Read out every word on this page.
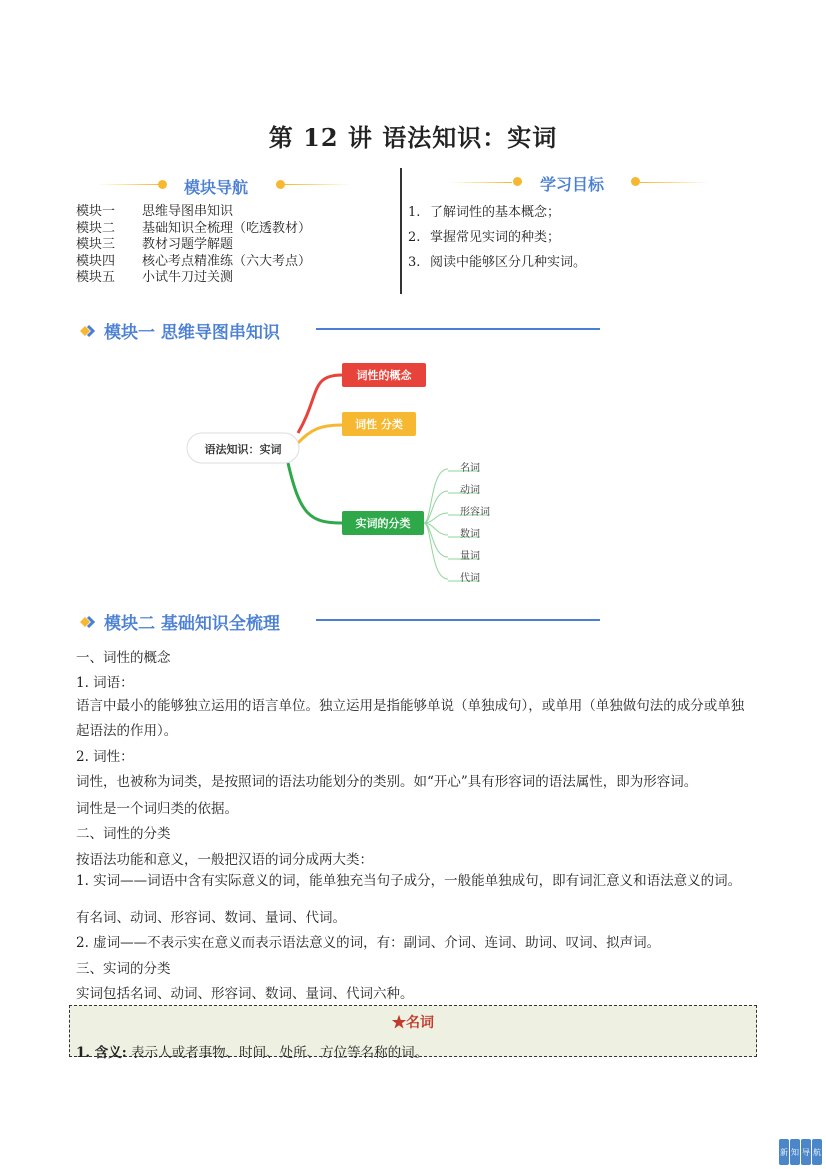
第 12 讲 语法知识：实词
模块导航
模块一	思维导图串知识
模块二	基础知识全梳理（吃透教材）
模块三	教材习题学解题
模块四	核心考点精准练（六大考点）
模块五	小试牛刀过关测
学习目标
1. 了解词性的基本概念；
2. 掌握常见实词的种类；
3. 阅读中能够区分几种实词。
模块一 思维导图串知识
语法知识：实词
词性的概念
词性 分类
实词的分类
名词
动词
形容词
数词
量词
代词
模块二 基础知识全梳理
一、词性的概念
1. 词语：

语言中最小的能够独立运用的语言单位。独立运用是指能够单说（单独成句），或单用（单独做句法的成分或单独起语法的作用）。

2. 词性：
词性，也被称为词类，是按照词的语法功能划分的类别。如“开心”具有形容词的语法属性，即为形容词。
词性是一个词归类的依据。
二、词性的分类
按语法功能和意义，一般把汉语的词分成两大类：

1. 实词——词语中含有实际意义的词，能单独充当句子成分，一般能单独成句，即有词汇意义和语法意义的词。

有名词、动词、形容词、数词、量词、代词。
2. 虚词——不表示实在意义而表示语法意义的词，有：副词、介词、连词、助词、叹词、拟声词。
三、实词的分类
实词包括名词、动词、形容词、数词、量词、代词六种。
★名词
1. 含义: 表示人或者事物、时间、处所、方位等名称的词。
新 知 导 航
